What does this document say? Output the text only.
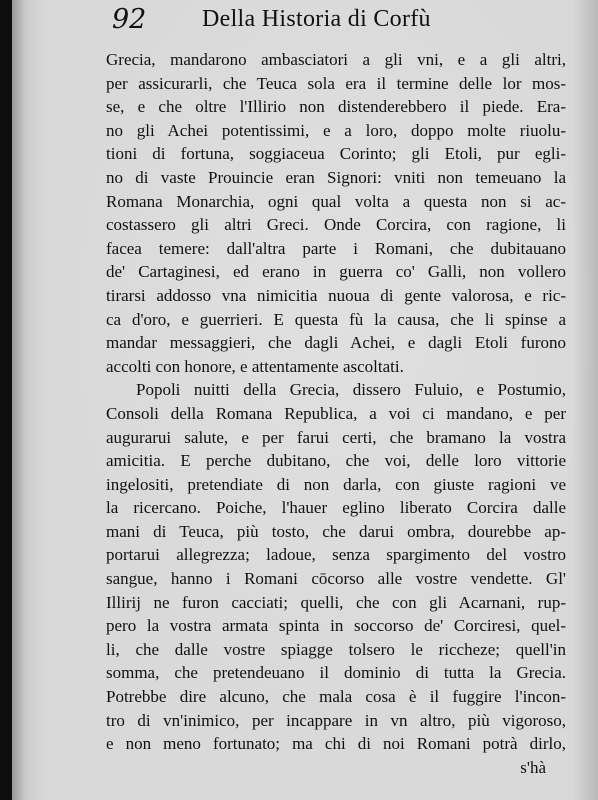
92 Della Historia di Corfù
Grecia, mandarono ambasciatori a gli vni, e a gli altri,
per assicurarli, che Teuca sola era il termine delle lor mos-
se, e che oltre l'Illirio non distenderebbero il piede. Era-
no gli Achei potentissimi, e a loro, doppo molte riuolu-
tioni di fortuna, soggiaceua Corinto; gli Etoli, pur egli-
no di vaste Prouincie eran Signori: vniti non temeuano la
Romana Monarchia, ogni qual volta a questa non si ac-
costassero gli altri Greci. Onde Corcira, con ragione, li
facea temere: dall'altra parte i Romani, che dubitauano
de' Cartaginesi, ed erano in guerra co' Galli, non vollero
tirarsi addosso vna nimicitia nuoua di gente valorosa, e ric-
ca d'oro, e guerrieri. E questa fù la causa, che li spinse a
mandar messaggieri, che dagli Achei, e dagli Etoli furono
accolti con honore, e attentamente ascoltati.
Popoli nuitti della Grecia, dissero Fuluio, e Postumio,
Consoli della Romana Republica, a voi ci mandano, e per
augurarui salute, e per farui certi, che bramano la vostra
amicitia. E perche dubitano, che voi, delle loro vittorie
ingelositi, pretendiate di non darla, con giuste ragioni ve
la ricercano. Poiche, l'hauer eglino liberato Corcira dalle
mani di Teuca, più tosto, che darui ombra, dourebbe ap-
portarui allegrezza; ladoue, senza spargimento del vostro
sangue, hanno i Romani cōcorso alle vostre vendette. Gl'
Illirij ne furon cacciati; quelli, che con gli Acarnani, rup-
pero la vostra armata spinta in soccorso de' Corciresi, quel-
li, che dalle vostre spiagge tolsero le riccheze; quell'in
somma, che pretendeuano il dominio di tutta la Grecia.
Potrebbe dire alcuno, che mala cosa è il fuggire l'incon-
tro di vn'inimico, per incappare in vn altro, più vigoroso,
e non meno fortunato; ma chi di noi Romani potrà dirlo,
s'hà
